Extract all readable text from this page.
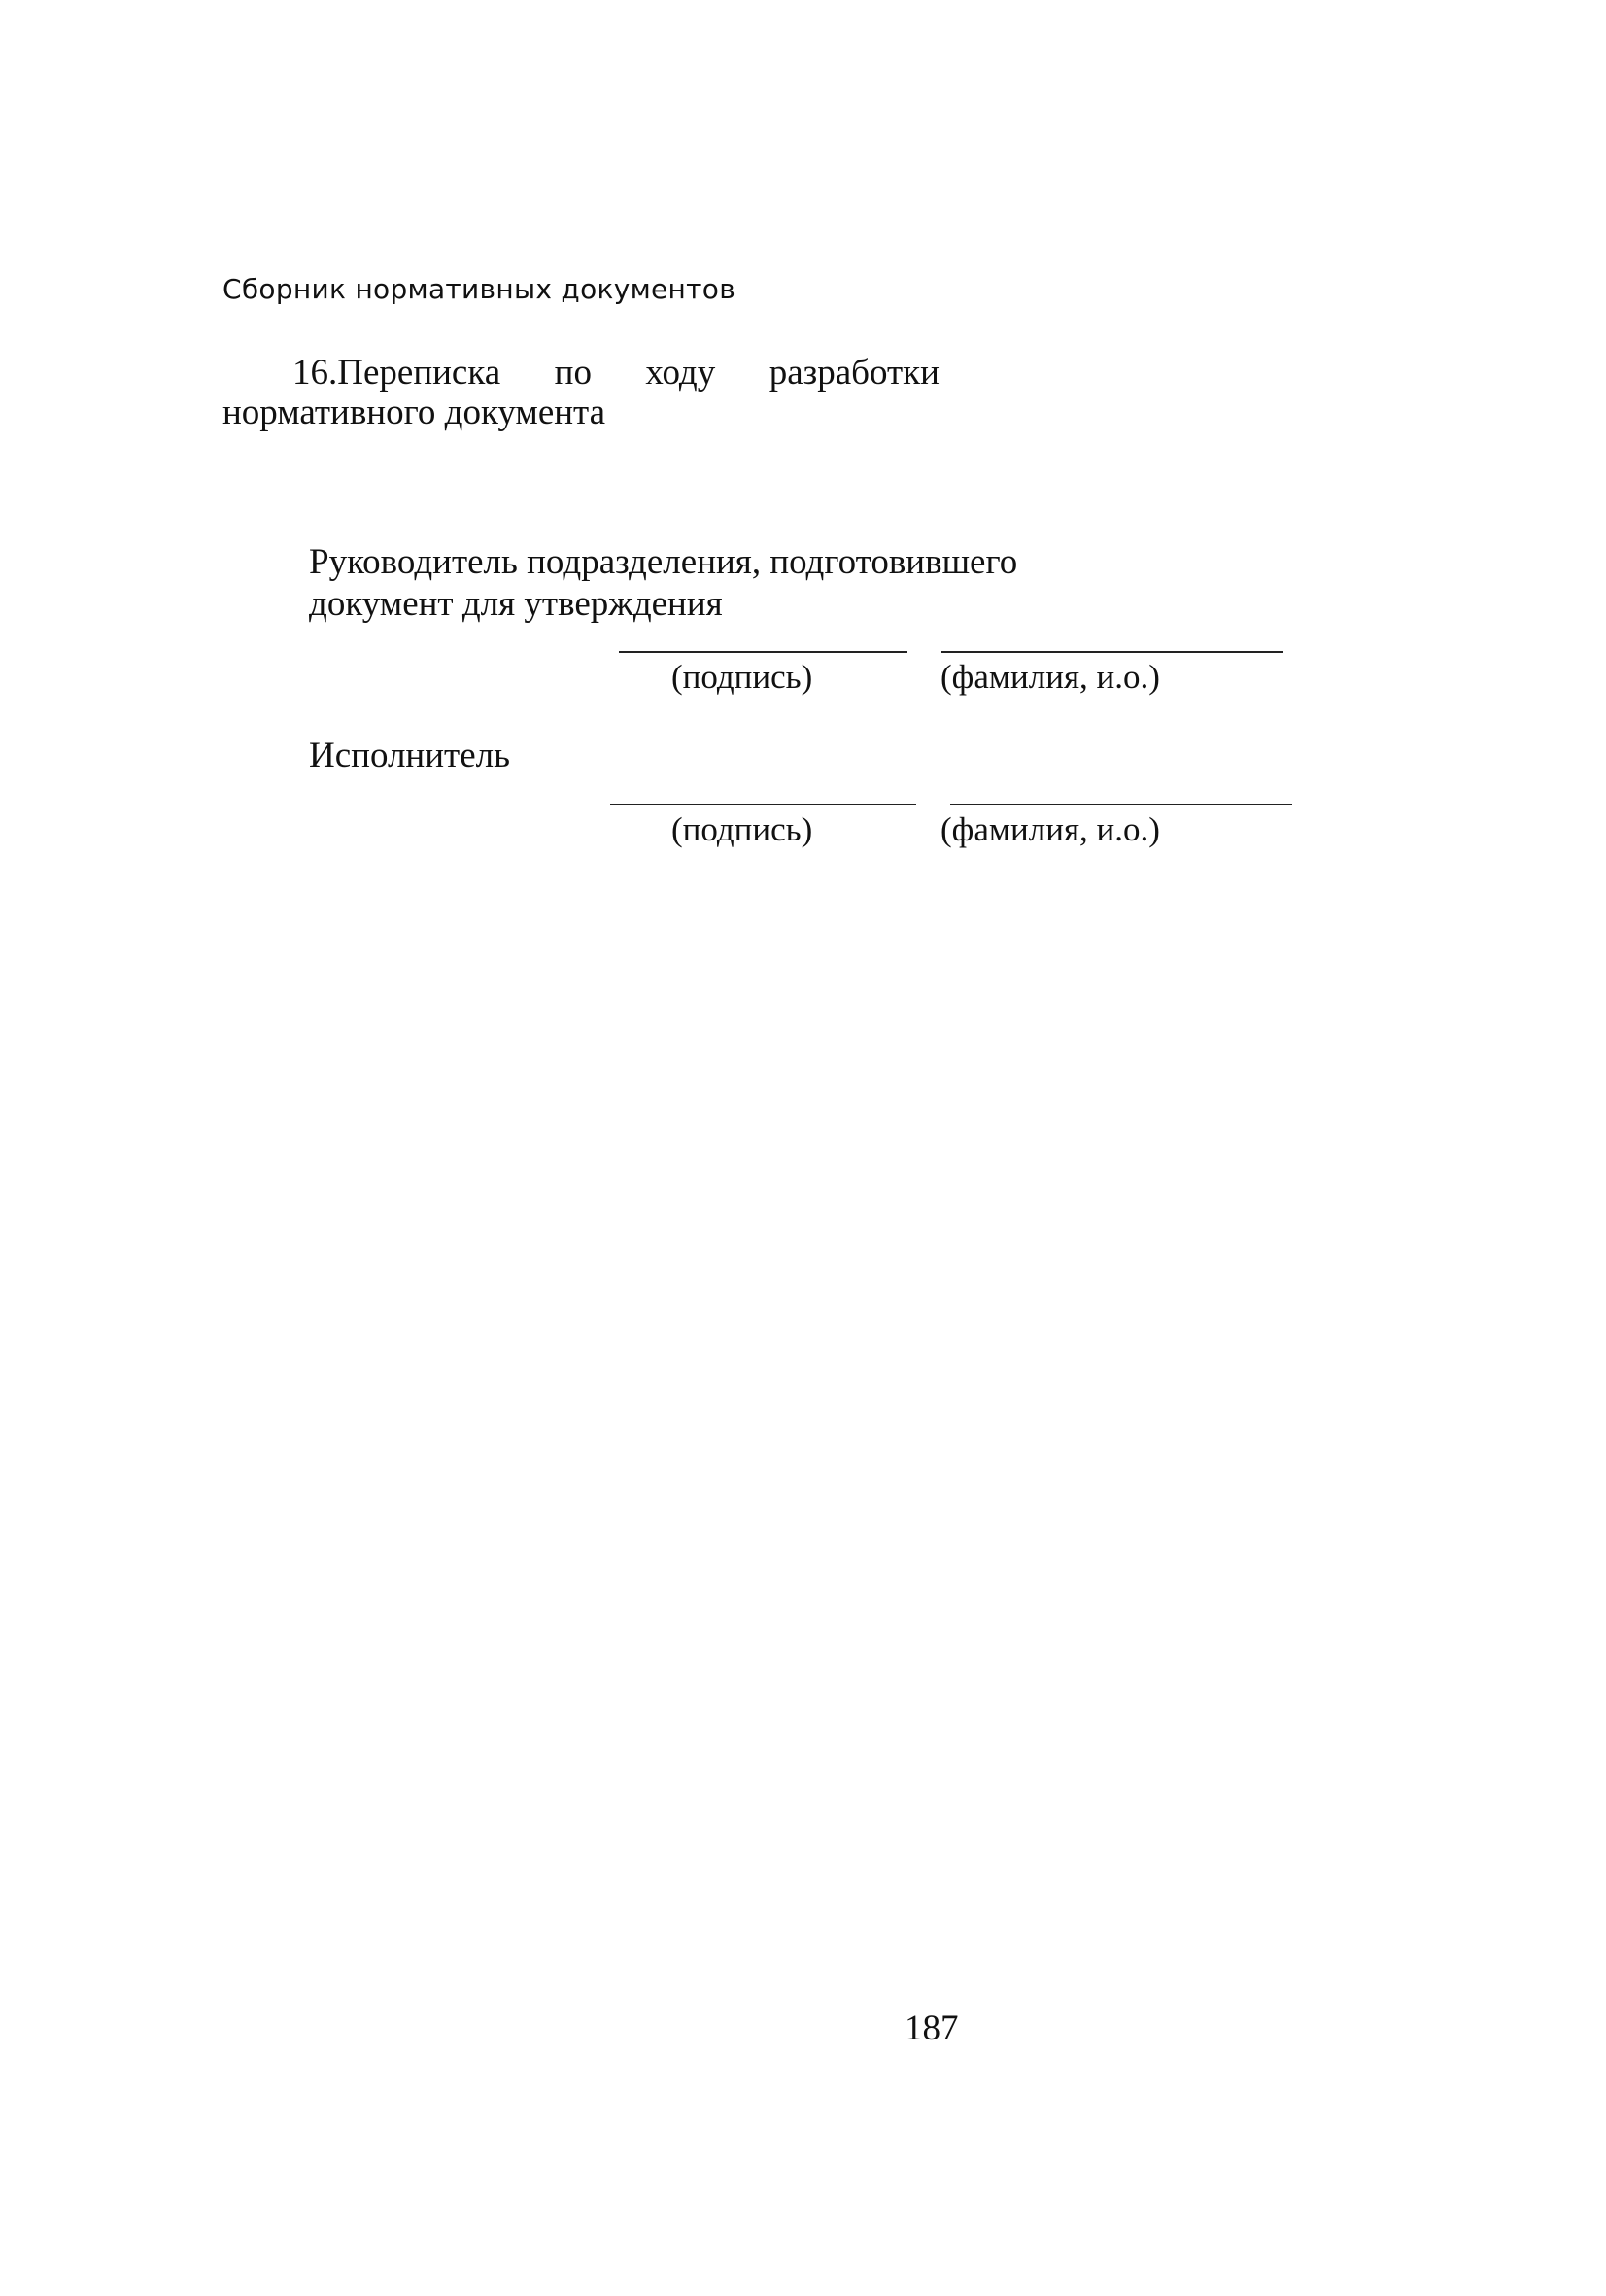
Сборник нормативных документов
16.Переписка по ходу разработки
нормативного документа
Руководитель подразделения, подготовившего
документ для утверждения
(подпись)	(фамилия, и.о.)
Исполнитель
(подпись)	(фамилия, и.о.)
187
